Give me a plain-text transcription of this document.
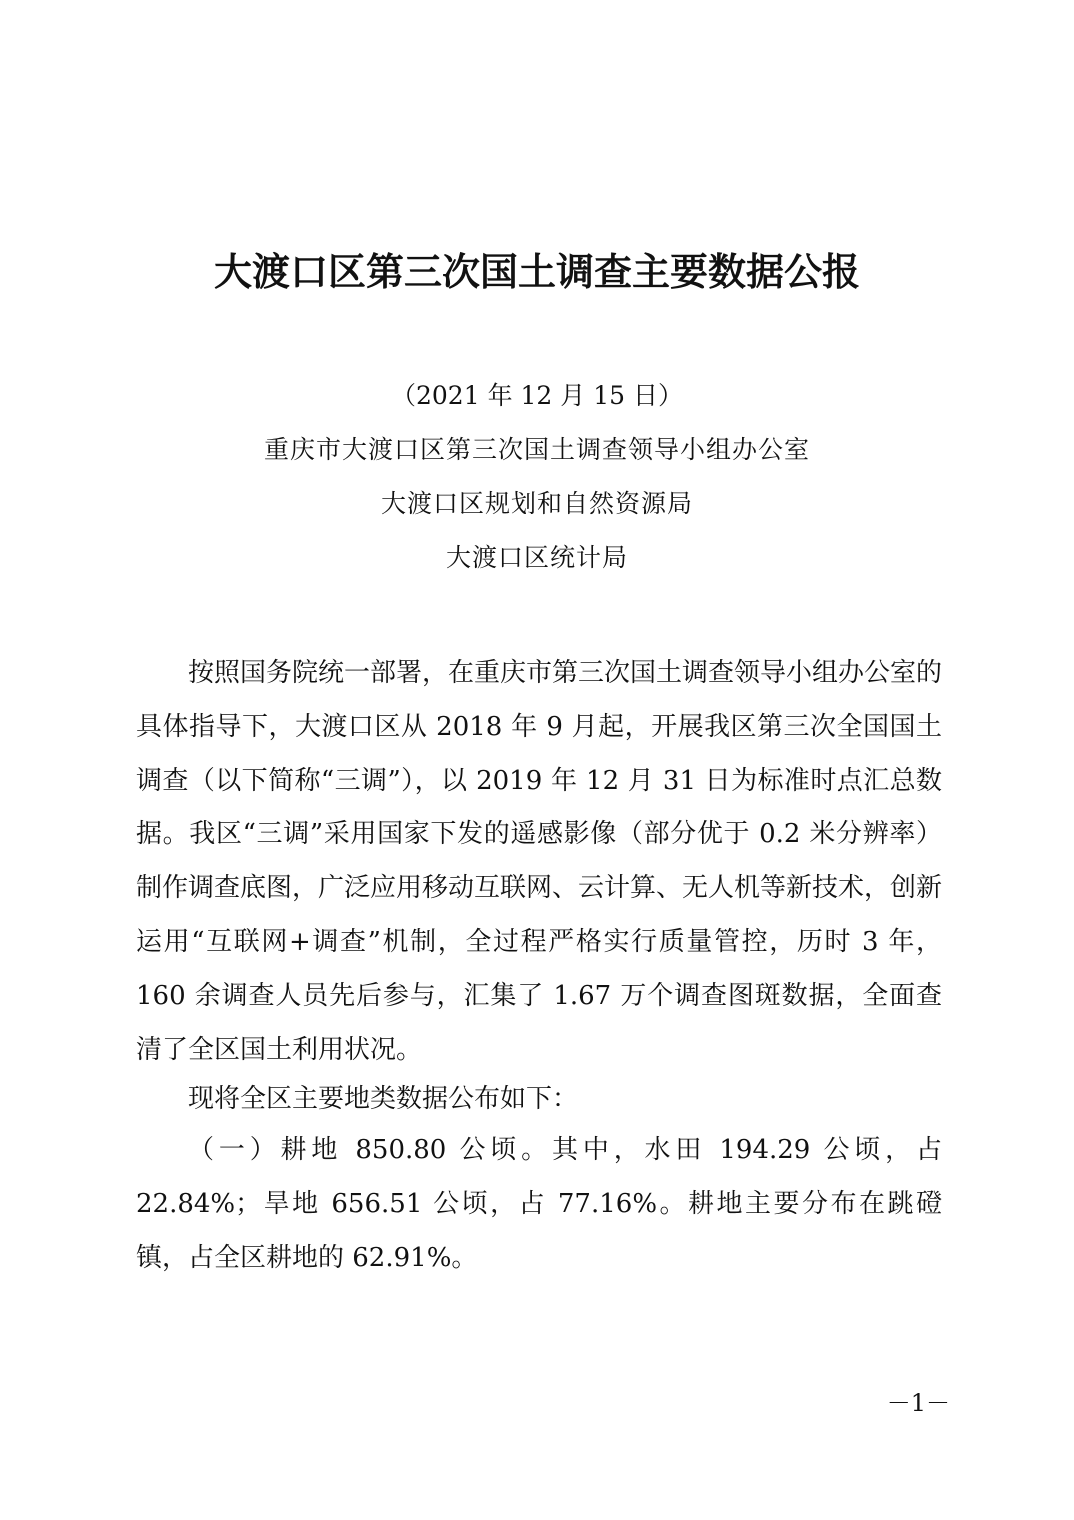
大渡口区第三次国土调查主要数据公报

（2021 年 12 月 15 日）

重庆市大渡口区第三次国土调查领导小组办公室

大渡口区规划和自然资源局

大渡口区统计局

按照国务院统一部署，在重庆市第三次国土调查领导小组办公室的具体指导下，大渡口区从 2018 年 9 月起，开展我区第三次全国国土调查（以下简称“三调”），以 2019 年 12 月 31 日为标准时点汇总数据。我区“三调”采用国家下发的遥感影像（部分优于 0.2 米分辨率）制作调查底图，广泛应用移动互联网、云计算、无人机等新技术，创新运用“互联网+调查”机制，全过程严格实行质量管控，历时 3 年，160 余调查人员先后参与，汇集了 1.67 万个调查图斑数据，全面查清了全区国土利用状况。

现将全区主要地类数据公布如下：

（一）耕地 850.80 公顷。其中，水田 194.29 公顷，占 22.84%；旱地 656.51 公顷，占 77.16%。耕地主要分布在跳磴镇，占全区耕地的 62.91%。

－1－
